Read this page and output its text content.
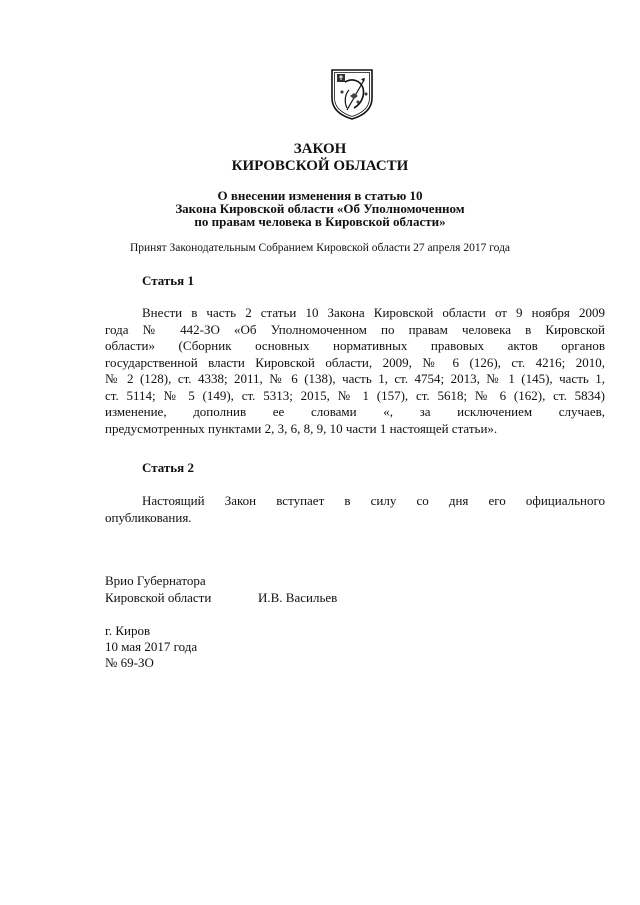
ЗАКОН
КИРОВСКОЙ ОБЛАСТИ
О внесении изменения в статью 10
Закона Кировской области «Об Уполномоченном
по правам человека в Кировской области»
Принят Законодательным Собранием Кировской области 27 апреля 2017 года
Статья 1
Внести в часть 2 статьи 10 Закона Кировской области от 9 ноября 2009
года № 442-ЗО «Об Уполномоченном по правам человека в Кировской
области» (Сборник основных нормативных правовых актов органов
государственной власти Кировской области, 2009, № 6 (126), ст. 4216; 2010,
№ 2 (128), ст. 4338; 2011, № 6 (138), часть 1, ст. 4754; 2013, № 1 (145), часть 1,
ст. 5114; № 5 (149), ст. 5313; 2015, № 1 (157), ст. 5618; № 6 (162), ст. 5834)
изменение, дополнив ее словами «, за исключением случаев,
предусмотренных пунктами 2, 3, 6, 8, 9, 10 части 1 настоящей статьи».
Статья 2
Настоящий Закон вступает в силу со дня его официального
опубликования.
Врио Губернатора
Кировской области	И.В. Васильев
г. Киров
10 мая 2017 года
№ 69-ЗО
